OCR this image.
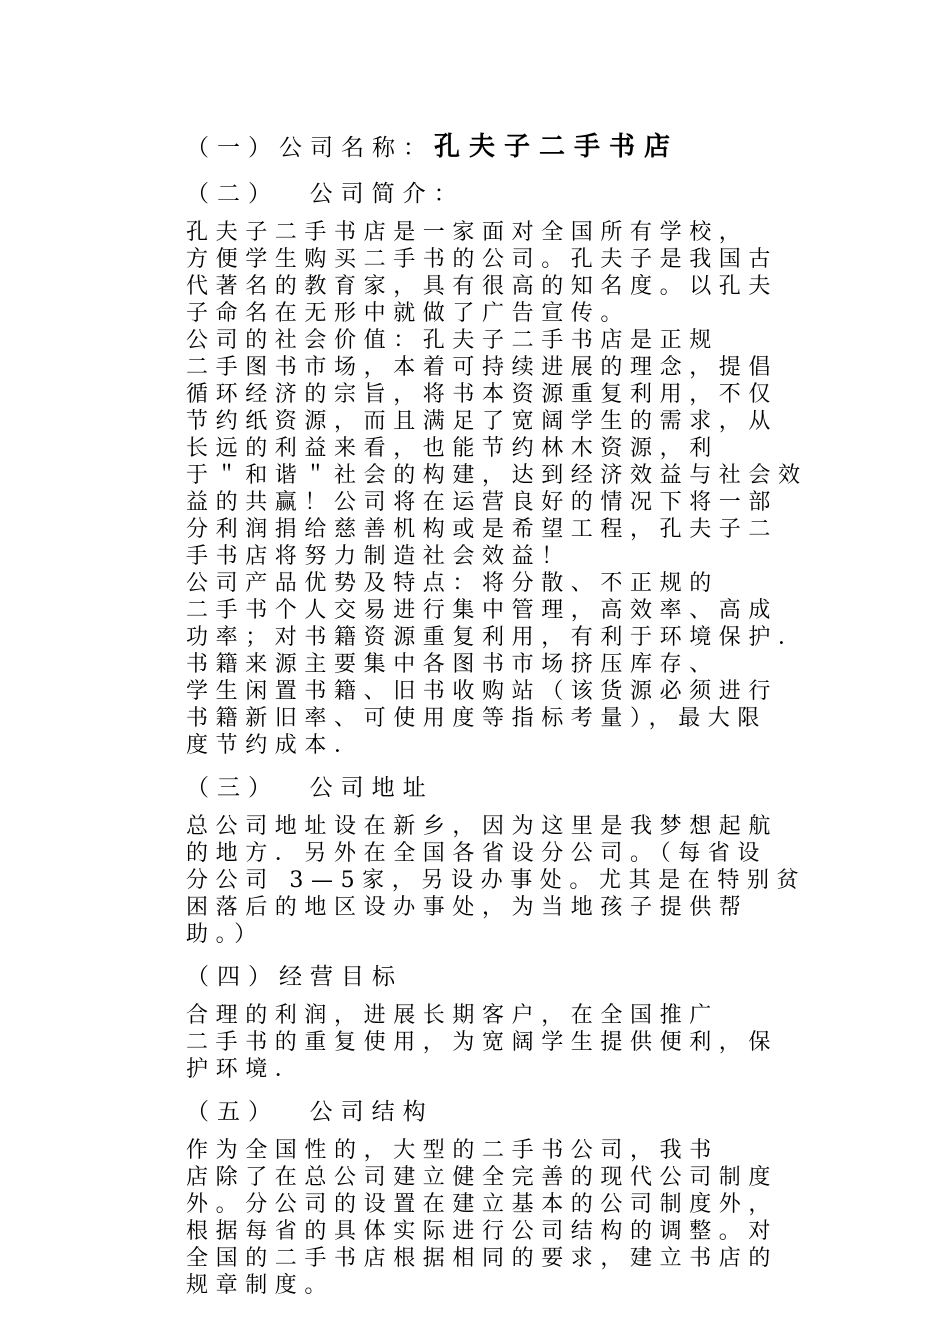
（一）公司名称：孔夫子二手书店
（二）  公司简介：
孔夫子二手书店是一家面对全国所有学校，
方便学生购买二手书的公司。孔夫子是我国古
代著名的教育家，具有很高的知名度。以孔夫
子命名在无形中就做了广告宣传。
公司的社会价值：孔夫子二手书店是正规
二手图书市场，本着可持续进展的理念，提倡
循环经济的宗旨，将书本资源重复利用，不仅
节约纸资源，而且满足了宽阔学生的需求，从
长远的利益来看，也能节约林木资源，利
于＂和谐＂社会的构建，达到经济效益与社会效
益的共赢！公司将在运营良好的情况下将一部
分利润捐给慈善机构或是希望工程，孔夫子二
手书店将努力制造社会效益！
公司产品优势及特点：将分散、不正规的
二手书个人交易进行集中管理，高效率、高成
功率；对书籍资源重复利用，有利于环境保护．
书籍来源主要集中各图书市场挤压库存、
学生闲置书籍、旧书收购站（该货源必须进行
书籍新旧率、可使用度等指标考量），最大限
度节约成本．
（三）  公司地址
总公司地址设在新乡，因为这里是我梦想起航
的地方．另外在全国各省设分公司。（每省设
分公司 3—5家，另设办事处。尤其是在特别贫
困落后的地区设办事处，为当地孩子提供帮
助。）
（四）经营目标
合理的利润，进展长期客户，在全国推广
二手书的重复使用，为宽阔学生提供便利，保
护环境．
（五）  公司结构
作为全国性的，大型的二手书公司，我书
店除了在总公司建立健全完善的现代公司制度
外。分公司的设置在建立基本的公司制度外，
根据每省的具体实际进行公司结构的调整。对
全国的二手书店根据相同的要求，建立书店的
规章制度。
